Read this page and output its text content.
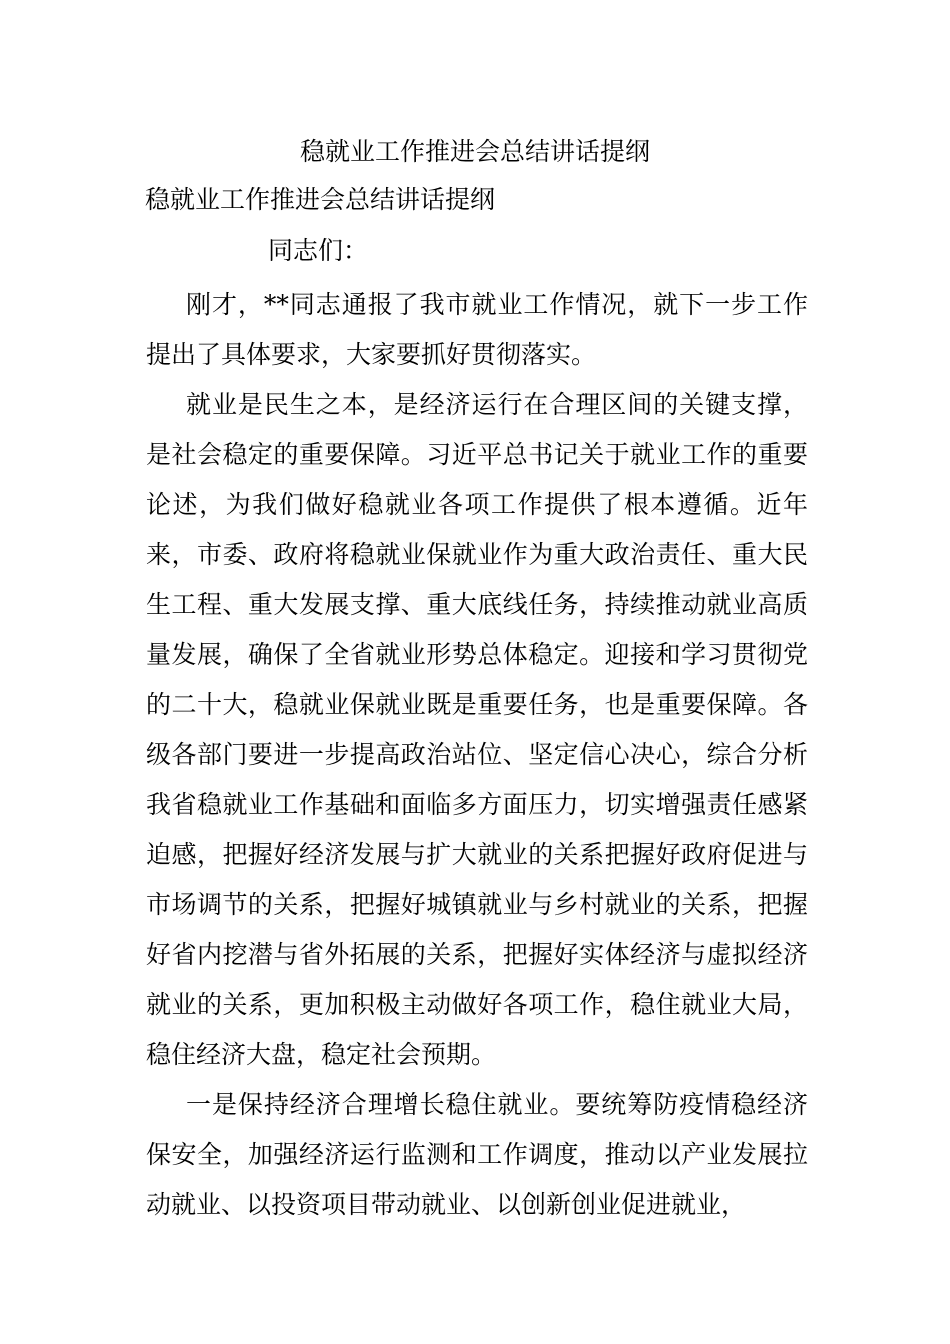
稳就业工作推进会总结讲话提纲
稳就业工作推进会总结讲话提纲
同志们：

刚才，**同志通报了我市就业工作情况，就下一步工作提出了具体要求，大家要抓好贯彻落实。

就业是民生之本，是经济运行在合理区间的关键支撑，是社会稳定的重要保障。习近平总书记关于就业工作的重要论述，为我们做好稳就业各项工作提供了根本遵循。近年来，市委、政府将稳就业保就业作为重大政治责任、重大民生工程、重大发展支撑、重大底线任务，持续推动就业高质量发展，确保了全省就业形势总体稳定。迎接和学习贯彻党的二十大，稳就业保就业既是重要任务，也是重要保障。各级各部门要进一步提高政治站位、坚定信心决心，综合分析我省稳就业工作基础和面临多方面压力，切实增强责任感紧迫感，把握好经济发展与扩大就业的关系把握好政府促进与市场调节的关系，把握好城镇就业与乡村就业的关系，把握好省内挖潜与省外拓展的关系，把握好实体经济与虚拟经济就业的关系，更加积极主动做好各项工作，稳住就业大局，稳住经济大盘，稳定社会预期。

一是保持经济合理增长稳住就业。要统筹防疫情稳经济保安全，加强经济运行监测和工作调度，推动以产业发展拉动就业、以投资项目带动就业、以创新创业促进就业，
